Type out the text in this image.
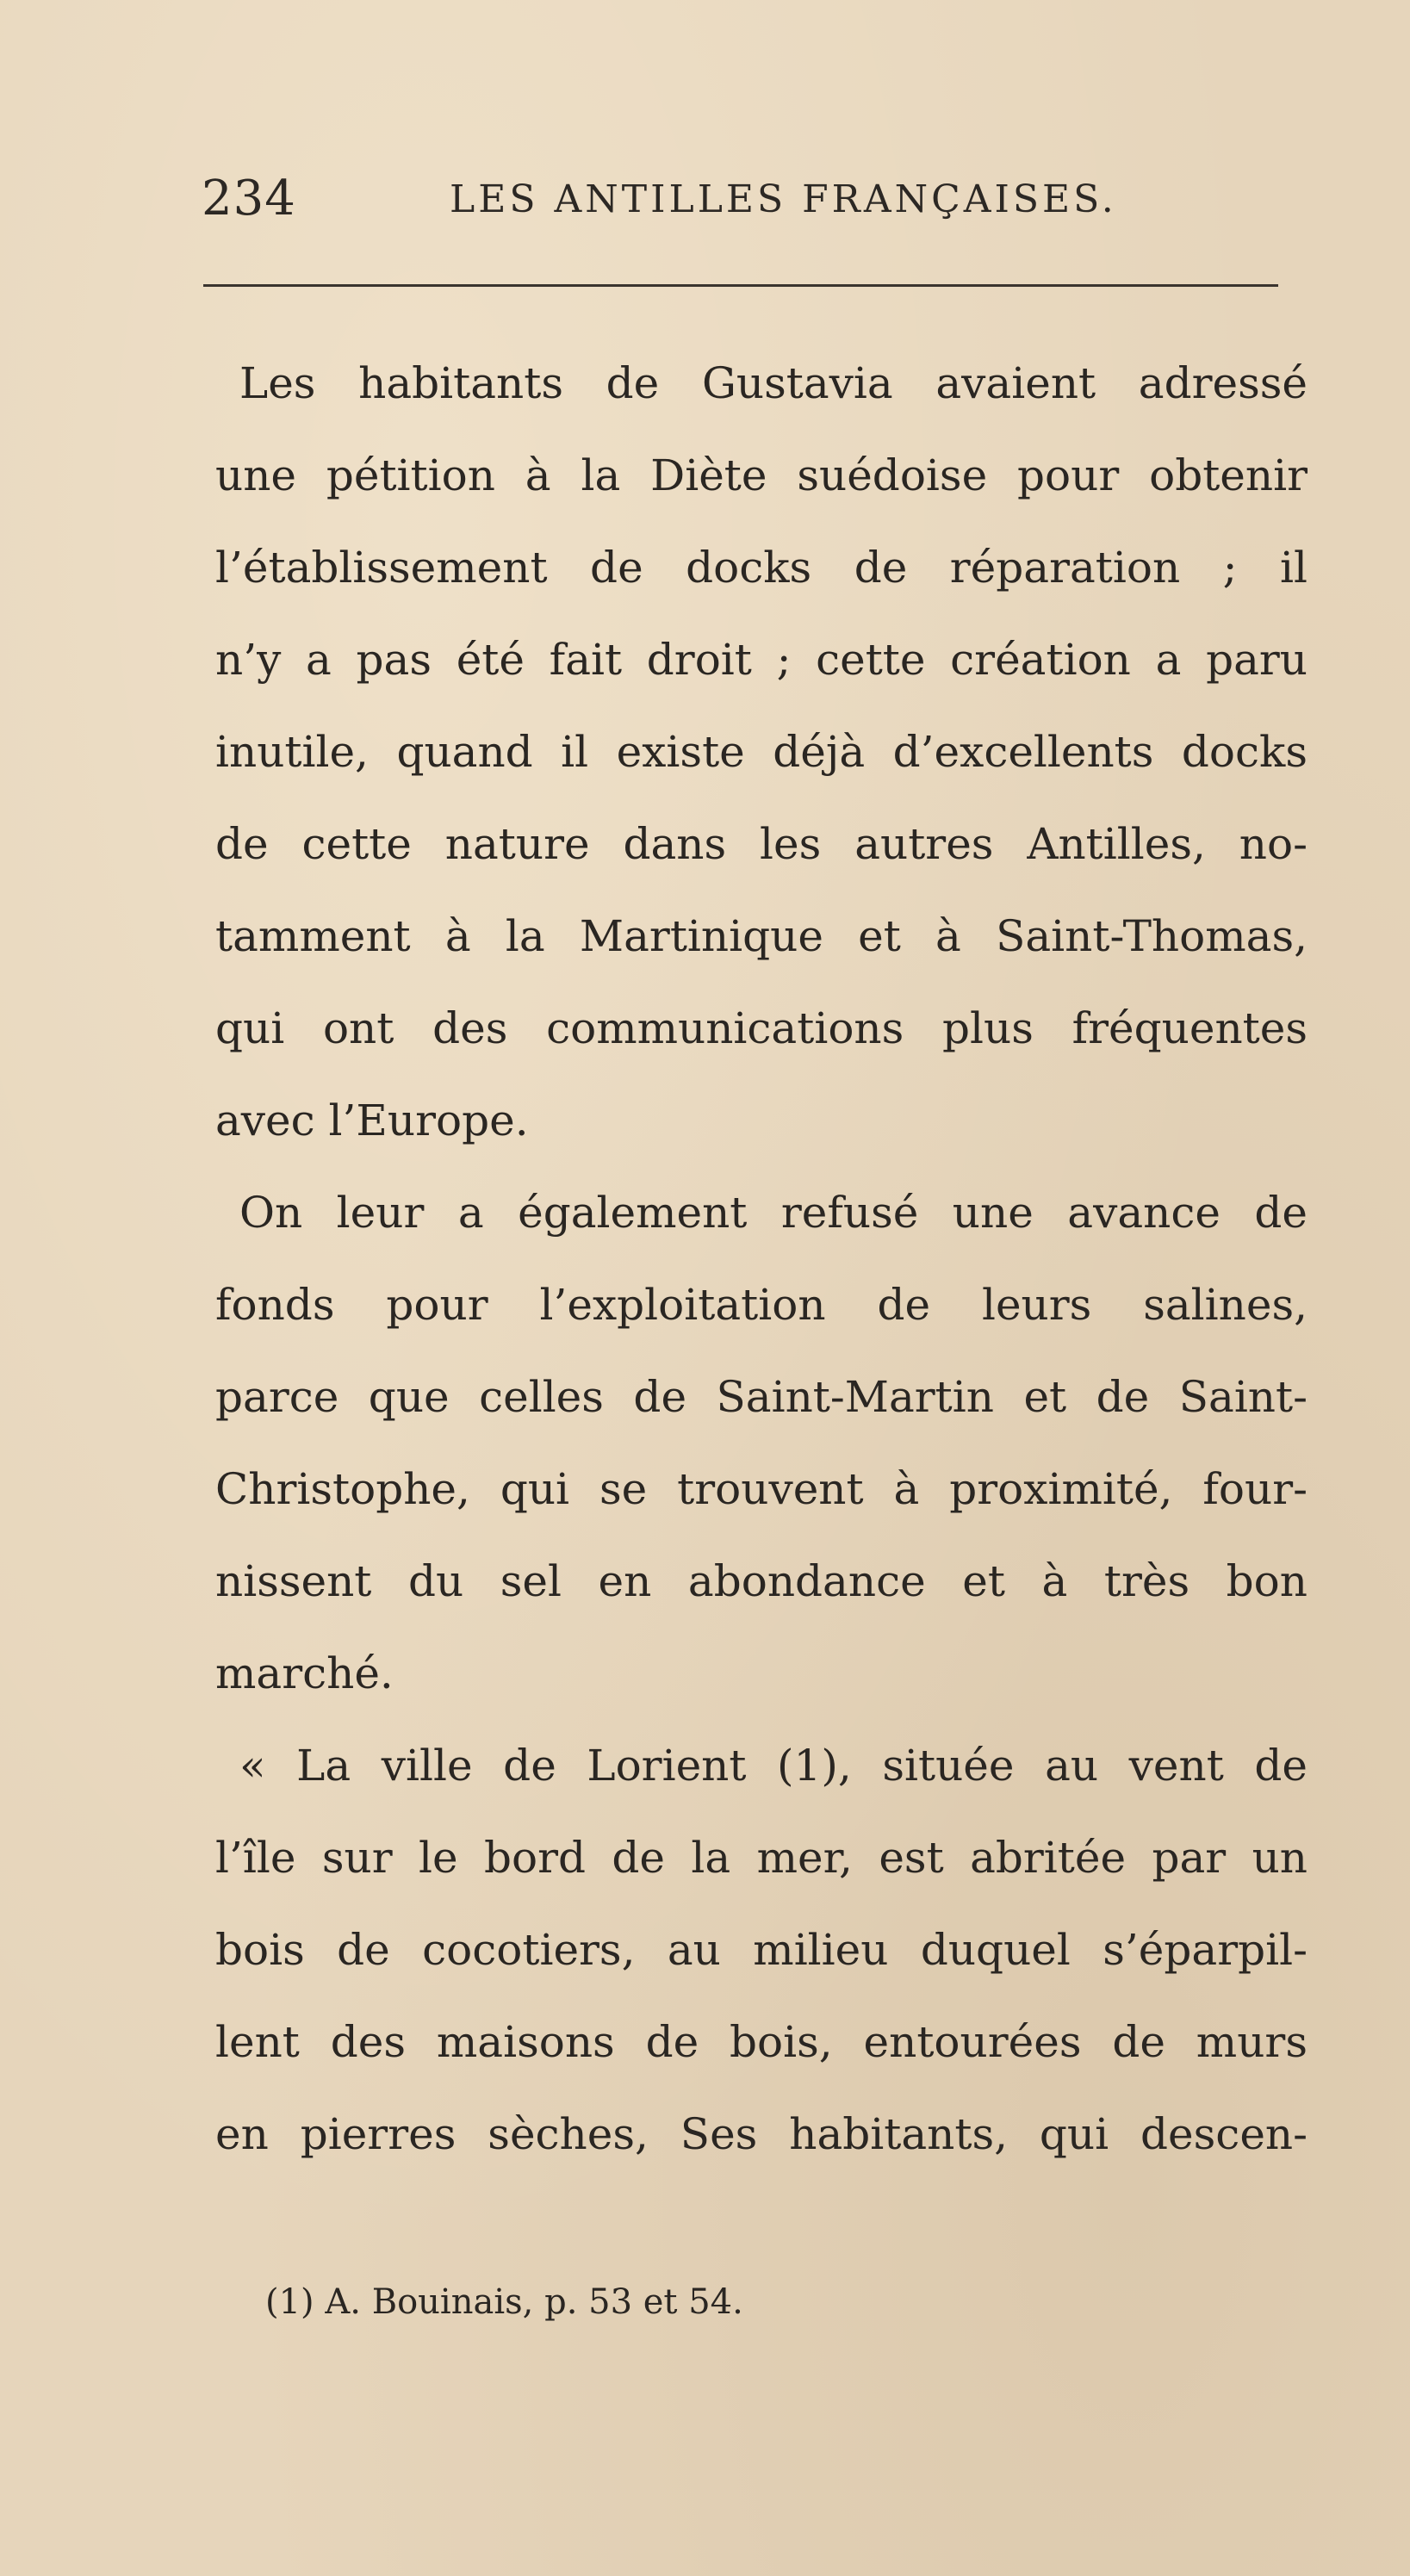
234	LES ANTILLES FRANÇAISES.
Les habitants de Gustavia avaient adressé
une pétition à la Diète suédoise pour obtenir
l’établissement de docks de réparation ; il
n’y a pas été fait droit ; cette création a paru
inutile, quand il existe déjà d’excellents docks
de cette nature dans les autres Antilles, no-
tamment à la Martinique et à Saint-Thomas,
qui ont des communications plus fréquentes
avec l’Europe.
On leur a également refusé une avance de
fonds pour l’exploitation de leurs salines,
parce que celles de Saint-Martin et de Saint-
Christophe, qui se trouvent à proximité, four-
nissent du sel en abondance et à très bon
marché.
« La ville de Lorient (1), située au vent de
l’île sur le bord de la mer, est abritée par un
bois de cocotiers, au milieu duquel s’éparpil-
lent des maisons de bois, entourées de murs
en pierres sèches, Ses habitants, qui descen-
(1) A. Bouinais, p. 53 et 54.
